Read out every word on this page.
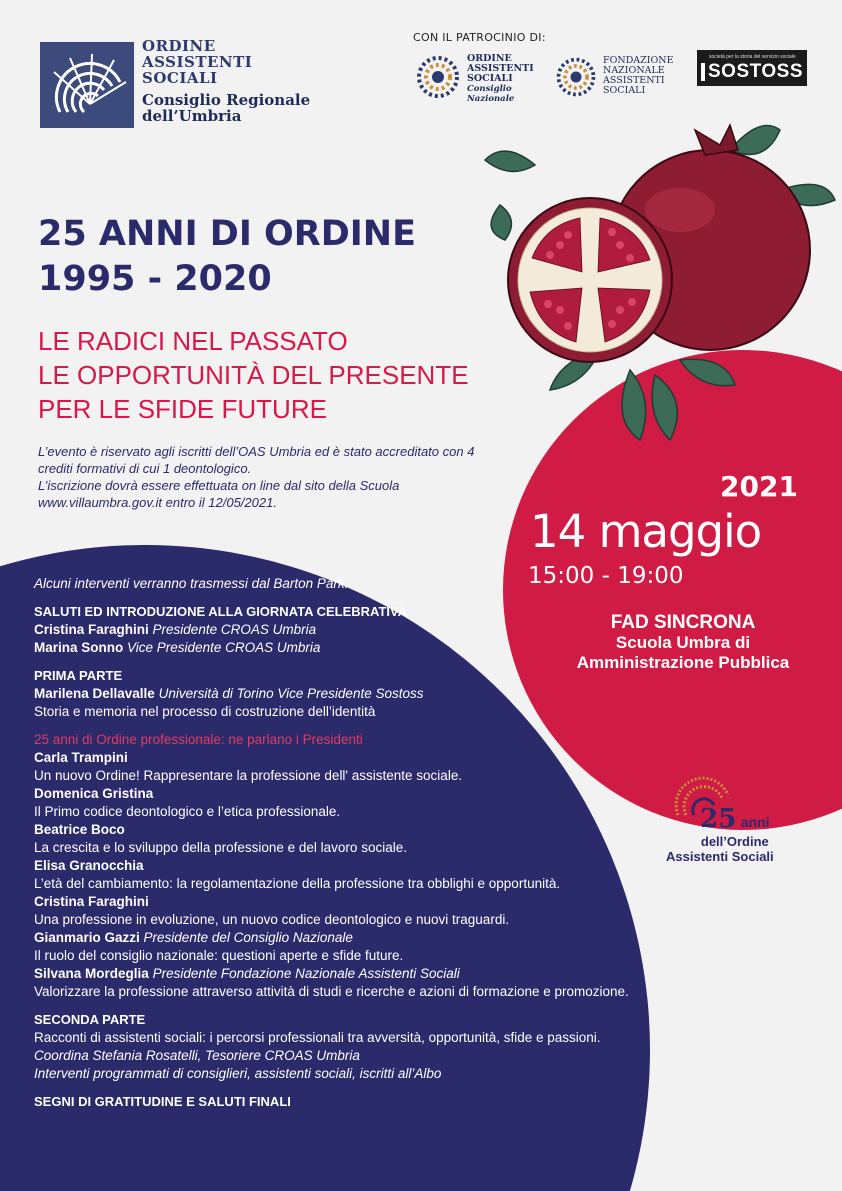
ORDINE
ASSISTENTI
SOCIALI
Consiglio Regionale
dell’Umbria
CON IL PATROCINIO DI:
ORDINE
ASSISTENTI
SOCIALI
Consiglio Nazionale
FONDAZIONE
NAZIONALE
ASSISTENTI
SOCIALI
società per la storia del servizio sociale
SOSTOSS
25 ANNI DI ORDINE
1995 - 2020
LE RADICI NEL PASSATO
LE OPPORTUNITÀ DEL PRESENTE
PER LE SFIDE FUTURE

L’evento è riservato agli iscritti dell’OAS Umbria ed è stato accreditato con 4 crediti formativi di cui 1 deontologico.

L’iscrizione dovrà essere effettuata on line dal sito della Scuola www.villaumbra.gov.it entro il 12/05/2021.	2021
14 maggio
15:00 - 19:00
FAD SINCRONA
Scuola Umbra di
Amministrazione Pubblica
Alcuni interventi verranno trasmessi dal Barton Park.
SALUTI ED INTRODUZIONE ALLA GIORNATA CELEBRATIVA
Cristina Faraghini Presidente CROAS Umbria
Marina Sonno Vice Presidente CROAS Umbria
PRIMA PARTE
Marilena Dellavalle Università di Torino Vice Presidente Sostoss
Storia e memoria nel processo di costruzione dell’identità
25 anni di Ordine professionale: ne parlano i Presidenti
Carla Trampini
Un nuovo Ordine! Rappresentare la professione dell' assistente sociale.
Domenica Gristina
Il Primo codice deontologico e l’etica professionale.
Beatrice Boco
La crescita e lo sviluppo della professione e del lavoro sociale.
Elisa Granocchia
L’età del cambiamento: la regolamentazione della professione tra obblighi e opportunità.
Cristina Faraghini
Una professione in evoluzione, un nuovo codice deontologico e nuovi traguardi.
Gianmario Gazzi Presidente del Consiglio Nazionale
Il ruolo del consiglio nazionale: questioni aperte e sfide future.
Silvana Mordeglia Presidente Fondazione Nazionale Assistenti Sociali
Valorizzare la professione attraverso attività di studi e ricerche e azioni di formazione e promozione.
SECONDA PARTE
Racconti di assistenti sociali: i percorsi professionali tra avversità, opportunità, sfide e passioni.
Coordina Stefania Rosatelli, Tesoriere CROAS Umbria
Interventi programmati di consiglieri, assistenti sociali, iscritti all’Albo
SEGNI DI GRATITUDINE E SALUTI FINALI
25 anni
dell’Ordine
Assistenti Sociali
